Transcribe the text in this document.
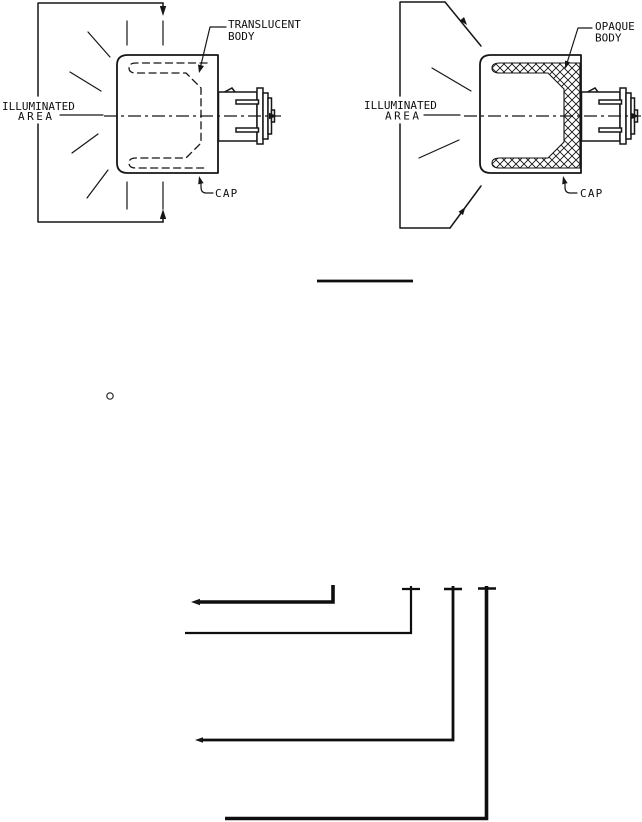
ILLUMINATED
AREA
TRANSLUCENT
BODY
CAP
ILLUMINATED
AREA
OPAQUE
BODY
CAP
